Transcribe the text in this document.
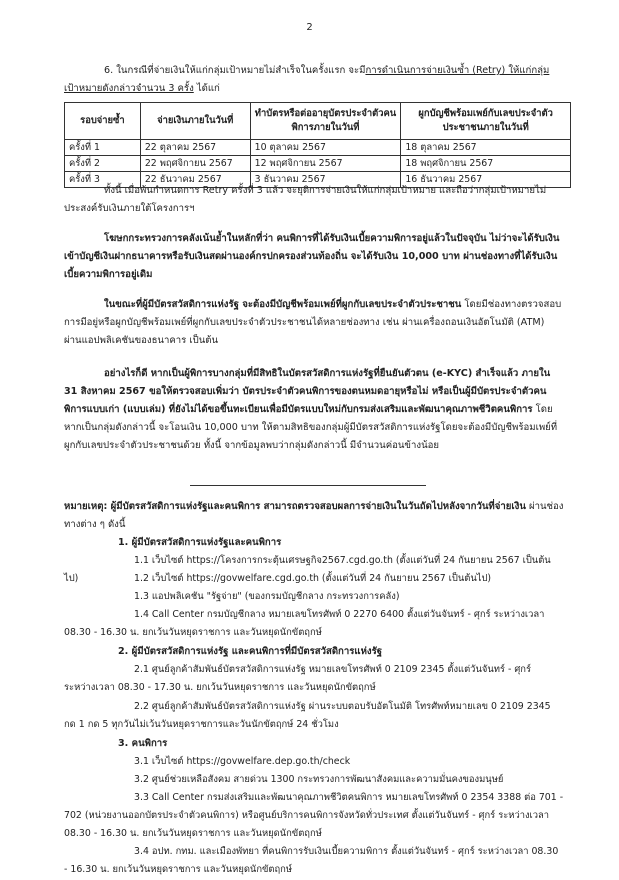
2

6. ในกรณีที่จ่ายเงินให้แก่กลุ่มเป้าหมายไม่สำเร็จในครั้งแรก จะมีการดำเนินการจ่ายเงินซ้ำ (Retry) ให้แก่กลุ่มเป้าหมายดังกล่าวจำนวน 3 ครั้ง ได้แก่

รอบจ่ายซ้ำ	จ่ายเงินภายในวันที่	ทำบัตรหรือต่ออายุบัตรประจำตัวคนพิการภายในวันที่	ผูกบัญชีพร้อมเพย์กับเลขประจำตัวประชาชนภายในวันที่
ครั้งที่ 1	22 ตุลาคม 2567	10 ตุลาคม 2567	18 ตุลาคม 2567
ครั้งที่ 2	22 พฤศจิกายน 2567	12 พฤศจิกายน 2567	18 พฤศจิกายน 2567
ครั้งที่ 3	22 ธันวาคม 2567	3 ธันวาคม 2567	16 ธันวาคม 2567

ทั้งนี้ เมื่อพ้นกำหนดการ Retry ครั้งที่ 3 แล้ว จะยุติการจ่ายเงินให้แก่กลุ่มเป้าหมาย และถือว่ากลุ่มเป้าหมายไม่ประสงค์รับเงินภายใต้โครงการฯ

โฆษกกระทรวงการคลังเน้นย้ำในหลักที่ว่า คนพิการที่ได้รับเงินเบี้ยความพิการอยู่แล้วในปัจจุบัน ไม่ว่าจะได้รับเงินเข้าบัญชีเงินฝากธนาคารหรือรับเงินสดผ่านองค์กรปกครองส่วนท้องถิ่น จะได้รับเงิน 10,000 บาท ผ่านช่องทางที่ได้รับเงินเบี้ยความพิการอยู่เดิม

ในขณะที่ผู้มีบัตรสวัสดิการแห่งรัฐ จะต้องมีบัญชีพร้อมเพย์ที่ผูกกับเลขประจำตัวประชาชน โดยมีช่องทางตรวจสอบการมีอยู่หรือผูกบัญชีพร้อมเพย์ที่ผูกกับเลขประจำตัวประชาชนได้หลายช่องทาง เช่น ผ่านเครื่องถอนเงินอัตโนมัติ (ATM) ผ่านแอปพลิเคชันของธนาคาร เป็นต้น

อย่างไรก็ดี หากเป็นผู้พิการบางกลุ่มที่มีสิทธิในบัตรสวัสดิการแห่งรัฐที่ยืนยันตัวตน (e-KYC) สำเร็จแล้ว ภายใน 31 สิงหาคม 2567 ขอให้ตรวจสอบเพิ่มว่า บัตรประจำตัวคนพิการของตนหมดอายุหรือไม่ หรือเป็นผู้มีบัตรประจำตัวคนพิการแบบเก่า (แบบเล่ม) ที่ยังไม่ได้ขอขึ้นทะเบียนเพื่อมีบัตรแบบใหม่กับกรมส่งเสริมและพัฒนาคุณภาพชีวิตคนพิการ โดยหากเป็นกลุ่มดังกล่าวนี้ จะโอนเงิน 10,000 บาท ให้ตามสิทธิของกลุ่มผู้มีบัตรสวัสดิการแห่งรัฐโดยจะต้องมีบัญชีพร้อมเพย์ที่ผูกกับเลขประจำตัวประชาชนด้วย ทั้งนี้ จากข้อมูลพบว่ากลุ่มดังกล่าวนี้ มีจำนวนค่อนข้างน้อย

หมายเหตุ: ผู้มีบัตรสวัสดิการแห่งรัฐและคนพิการ สามารถตรวจสอบผลการจ่ายเงินในวันถัดไปหลังจากวันที่จ่ายเงิน ผ่านช่องทางต่าง ๆ ดังนี้

1. ผู้มีบัตรสวัสดิการแห่งรัฐและคนพิการ

1.1 เว็บไซต์ https://โครงการกระตุ้นเศรษฐกิจ2567.cgd.go.th (ตั้งแต่วันที่ 24 กันยายน 2567 เป็นต้นไป)	1.2 เว็บไซต์ https://govwelfare.cgd.go.th (ตั้งแต่วันที่ 24 กันยายน 2567 เป็นต้นไป)

1.3 แอปพลิเคชัน "รัฐจ่าย" (ของกรมบัญชีกลาง กระทรวงการคลัง)

1.4 Call Center กรมบัญชีกลาง หมายเลขโทรศัพท์ 0 2270 6400 ตั้งแต่วันจันทร์ - ศุกร์ ระหว่างเวลา 08.30 - 16.30 น. ยกเว้นวันหยุดราชการ และวันหยุดนักขัตฤกษ์

2. ผู้มีบัตรสวัสดิการแห่งรัฐ และคนพิการที่มีบัตรสวัสดิการแห่งรัฐ

2.1 ศูนย์ลูกค้าสัมพันธ์บัตรสวัสดิการแห่งรัฐ หมายเลขโทรศัพท์ 0 2109 2345 ตั้งแต่วันจันทร์ - ศุกร์ ระหว่างเวลา 08.30 - 17.30 น. ยกเว้นวันหยุดราชการ และวันหยุดนักขัตฤกษ์

2.2 ศูนย์ลูกค้าสัมพันธ์บัตรสวัสดิการแห่งรัฐ ผ่านระบบตอบรับอัตโนมัติ โทรศัพท์หมายเลข 0 2109 2345 กด 1 กด 5 ทุกวันไม่เว้นวันหยุดราชการและวันนักขัตฤกษ์ 24 ชั่วโมง

3. คนพิการ

3.1 เว็บไซต์ https://govwelfare.dep.go.th/check

3.2 ศูนย์ช่วยเหลือสังคม สายด่วน 1300 กระทรวงการพัฒนาสังคมและความมั่นคงของมนุษย์

3.3 Call Center กรมส่งเสริมและพัฒนาคุณภาพชีวิตคนพิการ หมายเลขโทรศัพท์ 0 2354 3388 ต่อ 701 - 702 (หน่วยงานออกบัตรประจำตัวคนพิการ) หรือศูนย์บริการคนพิการจังหวัดทั่วประเทศ ตั้งแต่วันจันทร์ - ศุกร์ ระหว่างเวลา 08.30 - 16.30 น. ยกเว้นวันหยุดราชการ และวันหยุดนักขัตฤกษ์

3.4 อปท. กทม. และเมืองพัทยา ที่คนพิการรับเงินเบี้ยความพิการ ตั้งแต่วันจันทร์ - ศุกร์ ระหว่างเวลา 08.30 - 16.30 น. ยกเว้นวันหยุดราชการ และวันหยุดนักขัตฤกษ์
